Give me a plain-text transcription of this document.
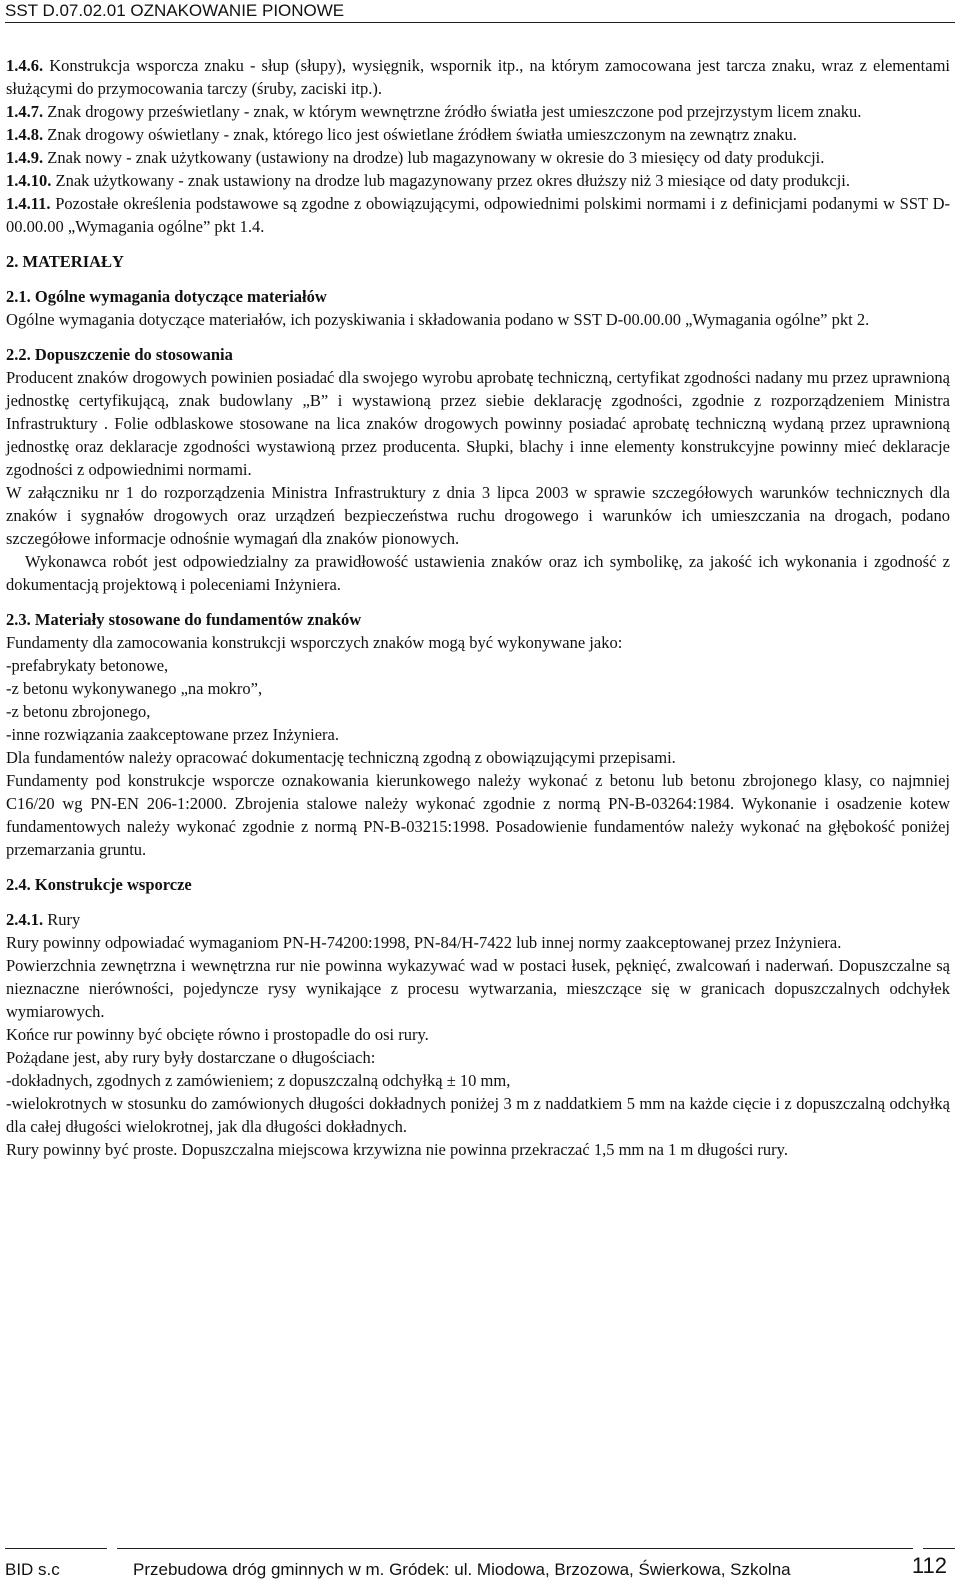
SST D.07.02.01 OZNAKOWANIE PIONOWE

1.4.6. Konstrukcja wsporcza znaku - słup (słupy), wysięgnik, wspornik itp., na którym zamocowana jest tarcza znaku, wraz z elementami służącymi do przymocowania tarczy (śruby, zaciski itp.).

1.4.7. Znak drogowy prześwietlany - znak, w którym wewnętrzne źródło światła jest umieszczone pod przejrzystym licem znaku.

1.4.8. Znak drogowy oświetlany - znak, którego lico jest oświetlane źródłem światła umieszczonym na zewnątrz znaku.

1.4.9. Znak nowy - znak użytkowany (ustawiony na drodze) lub magazynowany w okresie do 3 miesięcy od daty produkcji.

1.4.10. Znak użytkowany - znak ustawiony na drodze lub magazynowany przez okres dłuższy niż 3 miesiące od daty produkcji.

1.4.11. Pozostałe określenia podstawowe są zgodne z obowiązującymi, odpowiednimi polskimi normami i z definicjami podanymi w SST D-00.00.00 „Wymagania ogólne” pkt 1.4.

2. MATERIAŁY

2.1. Ogólne wymagania dotyczące materiałów

Ogólne wymagania dotyczące materiałów, ich pozyskiwania i składowania podano w SST D-00.00.00 „Wymagania ogólne” pkt 2.

2.2. Dopuszczenie do stosowania

Producent znaków drogowych powinien posiadać dla swojego wyrobu aprobatę techniczną, certyfikat zgodności nadany mu przez uprawnioną jednostkę certyfikującą, znak budowlany „B” i wystawioną przez siebie deklarację zgodności, zgodnie z rozporządzeniem Ministra Infrastruktury . Folie odblaskowe stosowane na lica znaków drogowych powinny posiadać aprobatę techniczną wydaną przez uprawnioną jednostkę oraz deklaracje zgodności wystawioną przez producenta. Słupki, blachy i inne elementy konstrukcyjne powinny mieć deklaracje zgodności z odpowiednimi normami.

W załączniku nr 1 do rozporządzenia Ministra Infrastruktury z dnia 3 lipca 2003 w sprawie szczegółowych warunków technicznych dla znaków i sygnałów drogowych oraz urządzeń bezpieczeństwa ruchu drogowego i warunków ich umieszczania na drogach, podano szczegółowe informacje odnośnie wymagań dla znaków pionowych.

Wykonawca robót jest odpowiedzialny za prawidłowość ustawienia znaków oraz ich symbolikę, za jakość ich wykonania i zgodność z dokumentacją projektową i poleceniami Inżyniera.

2.3. Materiały stosowane do fundamentów znaków

Fundamenty dla zamocowania konstrukcji wsporczych znaków mogą być wykonywane jako:

-prefabrykaty betonowe,

-z betonu wykonywanego „na mokro”,

-z betonu zbrojonego,

-inne rozwiązania zaakceptowane przez Inżyniera.

Dla fundamentów należy opracować dokumentację techniczną zgodną z obowiązującymi przepisami.

Fundamenty pod konstrukcje wsporcze oznakowania kierunkowego należy wykonać z betonu lub betonu zbrojonego klasy, co najmniej C16/20 wg PN-EN 206-1:2000. Zbrojenia stalowe należy wykonać zgodnie z normą PN-B-03264:1984. Wykonanie i osadzenie kotew fundamentowych należy wykonać zgodnie z normą PN-B-03215:1998. Posadowienie fundamentów należy wykonać na głębokość poniżej przemarzania gruntu.

2.4. Konstrukcje wsporcze

2.4.1. Rury

Rury powinny odpowiadać wymaganiom PN-H-74200:1998, PN-84/H-7422 lub innej normy zaakceptowanej przez Inżyniera.

Powierzchnia zewnętrzna i wewnętrzna rur nie powinna wykazywać wad w postaci łusek, pęknięć, zwalcowań i naderwań. Dopuszczalne są nieznaczne nierówności, pojedyncze rysy wynikające z procesu wytwarzania, mieszczące się w granicach dopuszczalnych odchyłek wymiarowych.

Końce rur powinny być obcięte równo i prostopadle do osi rury.

Pożądane jest, aby rury były dostarczane o długościach:

-dokładnych, zgodnych z zamówieniem; z dopuszczalną odchyłką ± 10 mm,

-wielokrotnych w stosunku do zamówionych długości dokładnych poniżej 3 m z naddatkiem 5 mm na każde cięcie i z dopuszczalną odchyłką dla całej długości wielokrotnej, jak dla długości dokładnych.

Rury powinny być proste. Dopuszczalna miejscowa krzywizna nie powinna przekraczać 1,5 mm na 1 m długości rury.

BID s.c	Przebudowa dróg gminnych w m. Gródek: ul. Miodowa, Brzozowa, Świerkowa, Szkolna	112
